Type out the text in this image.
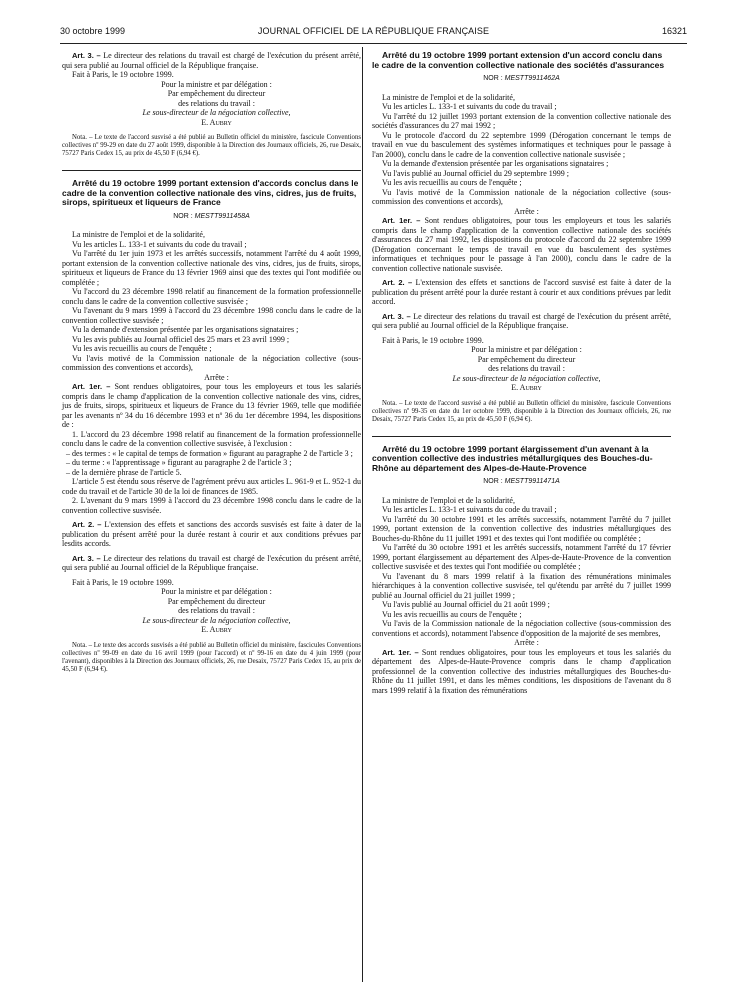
30 octobre 1999	JOURNAL OFFICIEL DE LA RÉPUBLIQUE FRANÇAISE	16321

Art. 3. – Le directeur des relations du travail est chargé de l'exécution du présent arrêté, qui sera publié au Journal officiel de la République française.

Fait à Paris, le 19 octobre 1999.

Pour la ministre et par délégation :

Par empêchement du directeur

des relations du travail :

Le sous-directeur de la négociation collective,

E. Aubry

Nota. – Le texte de l'accord susvisé a été publié au Bulletin officiel du ministère, fascicule Conventions collectives nº 99-29 en date du 27 août 1999, disponible à la Direction des Journaux officiels, 26, rue Desaix, 75727 Paris Cedex 15, au prix de 45,50 F (6,94 €).

Arrêté du 19 octobre 1999 portant extension d'accords conclus dans le cadre de la convention collective nationale des vins, cidres, jus de fruits, sirops, spiritueux et liqueurs de France

NOR : MESTT9911458A

La ministre de l'emploi et de la solidarité,

Vu les articles L. 133-1 et suivants du code du travail ;

Vu l'arrêté du 1er juin 1973 et les arrêtés successifs, notamment l'arrêté du 4 août 1999, portant extension de la convention collective nationale des vins, cidres, jus de fruits, sirops, spiritueux et liqueurs de France du 13 février 1969 ainsi que des textes qui l'ont modifiée ou complétée ;

Vu l'accord du 23 décembre 1998 relatif au financement de la formation professionnelle conclu dans le cadre de la convention collective susvisée ;

Vu l'avenant du 9 mars 1999 à l'accord du 23 décembre 1998 conclu dans le cadre de la convention collective susvisée ;

Vu la demande d'extension présentée par les organisations signataires ;

Vu les avis publiés au Journal officiel des 25 mars et 23 avril 1999 ;

Vu les avis recueillis au cours de l'enquête ;

Vu l'avis motivé de la Commission nationale de la négociation collective (sous-commission des conventions et accords),

Arrête :

Art. 1er. – Sont rendues obligatoires, pour tous les employeurs et tous les salariés compris dans le champ d'application de la convention collective nationale des vins, cidres, jus de fruits, sirops, spiritueux et liqueurs de France du 13 février 1969, telle que modifiée par les avenants nº 34 du 16 décembre 1993 et nº 36 du 1er décembre 1994, les dispositions de :

1. L'accord du 23 décembre 1998 relatif au financement de la formation professionnelle conclu dans le cadre de la convention collective susvisée, à l'exclusion :

– des termes : « le capital de temps de formation » figurant au paragraphe 2 de l'article 3 ;

– du terme : « l'apprentissage » figurant au paragraphe 2 de l'article 3 ;

– de la dernière phrase de l'article 5.

L'article 5 est étendu sous réserve de l'agrément prévu aux articles L. 961-9 et L. 952-1 du code du travail et de l'article 30 de la loi de finances de 1985.

2. L'avenant du 9 mars 1999 à l'accord du 23 décembre 1998 conclu dans le cadre de la convention collective susvisée.

Art. 2. – L'extension des effets et sanctions des accords susvisés est faite à dater de la publication du présent arrêté pour la durée restant à courir et aux conditions prévues par lesdits accords.

Art. 3. – Le directeur des relations du travail est chargé de l'exécution du présent arrêté, qui sera publié au Journal officiel de la République française.

Fait à Paris, le 19 octobre 1999.

Pour la ministre et par délégation :

Par empêchement du directeur

des relations du travail :

Le sous-directeur de la négociation collective,

E. Aubry

Nota. – Le texte des accords susvisés a été publié au Bulletin officiel du ministère, fascicules Conventions collectives nº 99-09 en date du 16 avril 1999 (pour l'accord) et nº 99-16 en date du 4 juin 1999 (pour l'avenant), disponibles à la Direction des Journaux officiels, 26, rue Desaix, 75727 Paris Cedex 15, au prix de 45,50 F (6,94 €).

Arrêté du 19 octobre 1999 portant extension d'un accord conclu dans le cadre de la convention collective nationale des sociétés d'assurances

NOR : MESTT9911462A

La ministre de l'emploi et de la solidarité,

Vu les articles L. 133-1 et suivants du code du travail ;

Vu l'arrêté du 12 juillet 1993 portant extension de la convention collective nationale des sociétés d'assurances du 27 mai 1992 ;

Vu le protocole d'accord du 22 septembre 1999 (Dérogation concernant le temps de travail en vue du basculement des systèmes informatiques et techniques pour le passage à l'an 2000), conclu dans le cadre de la convention collective nationale susvisée ;

Vu la demande d'extension présentée par les organisations signataires ;

Vu l'avis publié au Journal officiel du 29 septembre 1999 ;

Vu les avis recueillis au cours de l'enquête ;

Vu l'avis motivé de la Commission nationale de la négociation collective (sous-commission des conventions et accords),

Arrête :

Art. 1er. – Sont rendues obligatoires, pour tous les employeurs et tous les salariés compris dans le champ d'application de la convention collective nationale des sociétés d'assurances du 27 mai 1992, les dispositions du protocole d'accord du 22 septembre 1999 (Dérogation concernant le temps de travail en vue du basculement des systèmes informatiques et techniques pour le passage à l'an 2000), conclu dans le cadre de la convention collective nationale susvisée.

Art. 2. – L'extension des effets et sanctions de l'accord susvisé est faite à dater de la publication du présent arrêté pour la durée restant à courir et aux conditions prévues par ledit accord.

Art. 3. – Le directeur des relations du travail est chargé de l'exécution du présent arrêté, qui sera publié au Journal officiel de la République française.

Fait à Paris, le 19 octobre 1999.

Pour la ministre et par délégation :

Par empêchement du directeur

des relations du travail :

Le sous-directeur de la négociation collective,

E. Aubry

Nota. – Le texte de l'accord susvisé a été publié au Bulletin officiel du ministère, fascicule Conventions collectives nº 99-35 en date du 1er octobre 1999, disponible à la Direction des Journaux officiels, 26, rue Desaix, 75727 Paris Cedex 15, au prix de 45,50 F (6,94 €).

Arrêté du 19 octobre 1999 portant élargissement d'un avenant à la convention collective des industries métallurgiques des Bouches-du-Rhône au département des Alpes-de-Haute-Provence

NOR : MESTT9911471A

La ministre de l'emploi et de la solidarité,

Vu les articles L. 133-1 et suivants du code du travail ;

Vu l'arrêté du 30 octobre 1991 et les arrêtés successifs, notamment l'arrêté du 7 juillet 1999, portant extension de la convention collective des industries métallurgiques des Bouches-du-Rhône du 11 juillet 1991 et des textes qui l'ont modifiée ou complétée ;

Vu l'arrêté du 30 octobre 1991 et les arrêtés successifs, notamment l'arrêté du 17 février 1999, portant élargissement au département des Alpes-de-Haute-Provence de la convention collective susvisée et des textes qui l'ont modifiée ou complétée ;

Vu l'avenant du 8 mars 1999 relatif à la fixation des rémunérations minimales hiérarchiques à la convention collective susvisée, tel qu'étendu par arrêté du 7 juillet 1999 publié au Journal officiel du 21 juillet 1999 ;

Vu l'avis publié au Journal officiel du 21 août 1999 ;

Vu les avis recueillis au cours de l'enquête ;

Vu l'avis de la Commission nationale de la négociation collective (sous-commission des conventions et accords), notamment l'absence d'opposition de la majorité de ses membres,

Arrête :

Art. 1er. – Sont rendues obligatoires, pour tous les employeurs et tous les salariés du département des Alpes-de-Haute-Provence compris dans le champ d'application professionnel de la convention collective des industries métallurgiques des Bouches-du-Rhône du 11 juillet 1991, et dans les mêmes conditions, les dispositions de l'avenant du 8 mars 1999 relatif à la fixation des rémunérations
